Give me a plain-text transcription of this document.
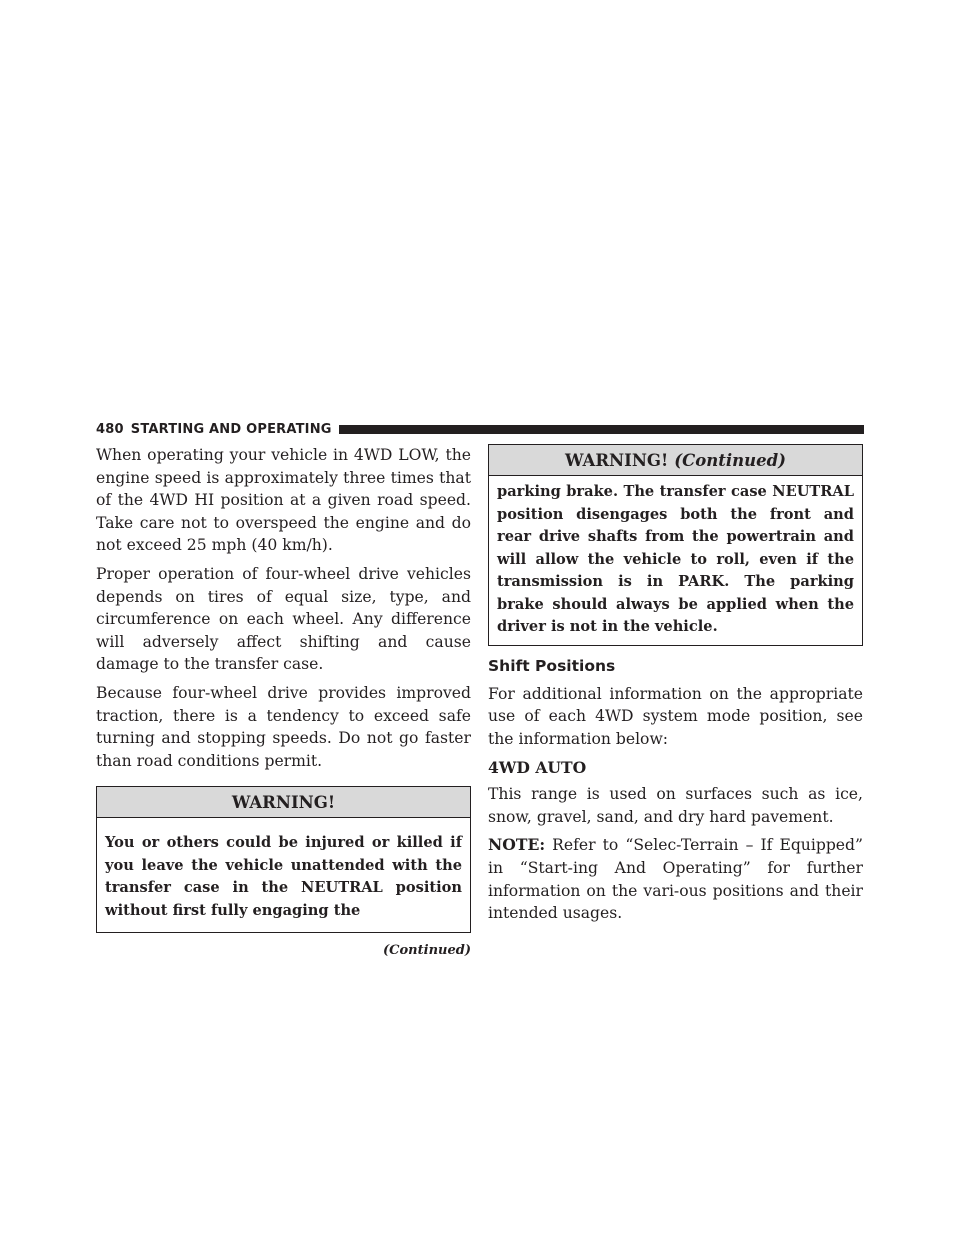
480 STARTING AND OPERATING

When operating your vehicle in 4WD LOW, the engine speed is approximately three times that of the 4WD HI position at a given road speed. Take care not to overspeed the engine and do not exceed 25 mph (40 km/h).

Proper operation of four-wheel drive vehicles depends on tires of equal size, type, and circumference on each wheel. Any difference will adversely affect shifting and cause damage to the transfer case.

Because four-wheel drive provides improved traction, there is a tendency to exceed safe turning and stopping speeds. Do not go faster than road conditions permit.

WARNING!
You or others could be injured or killed if you leave the vehicle unattended with the transfer case in the NEUTRAL position without first fully engaging the
(Continued)
WARNING! (Continued)
parking brake. The transfer case NEUTRAL position disengages both the front and rear drive shafts from the powertrain and will allow the vehicle to roll, even if the transmission is in PARK. The parking brake should always be applied when the driver is not in the vehicle.
Shift Positions

For additional information on the appropriate use of each 4WD system mode position, see the information below:

4WD AUTO

This range is used on surfaces such as ice, snow, gravel, sand, and dry hard pavement.

NOTE: Refer to “Selec-Terrain – If Equipped” in “Start-ing And Operating” for further information on the vari-ous positions and their intended usages.
